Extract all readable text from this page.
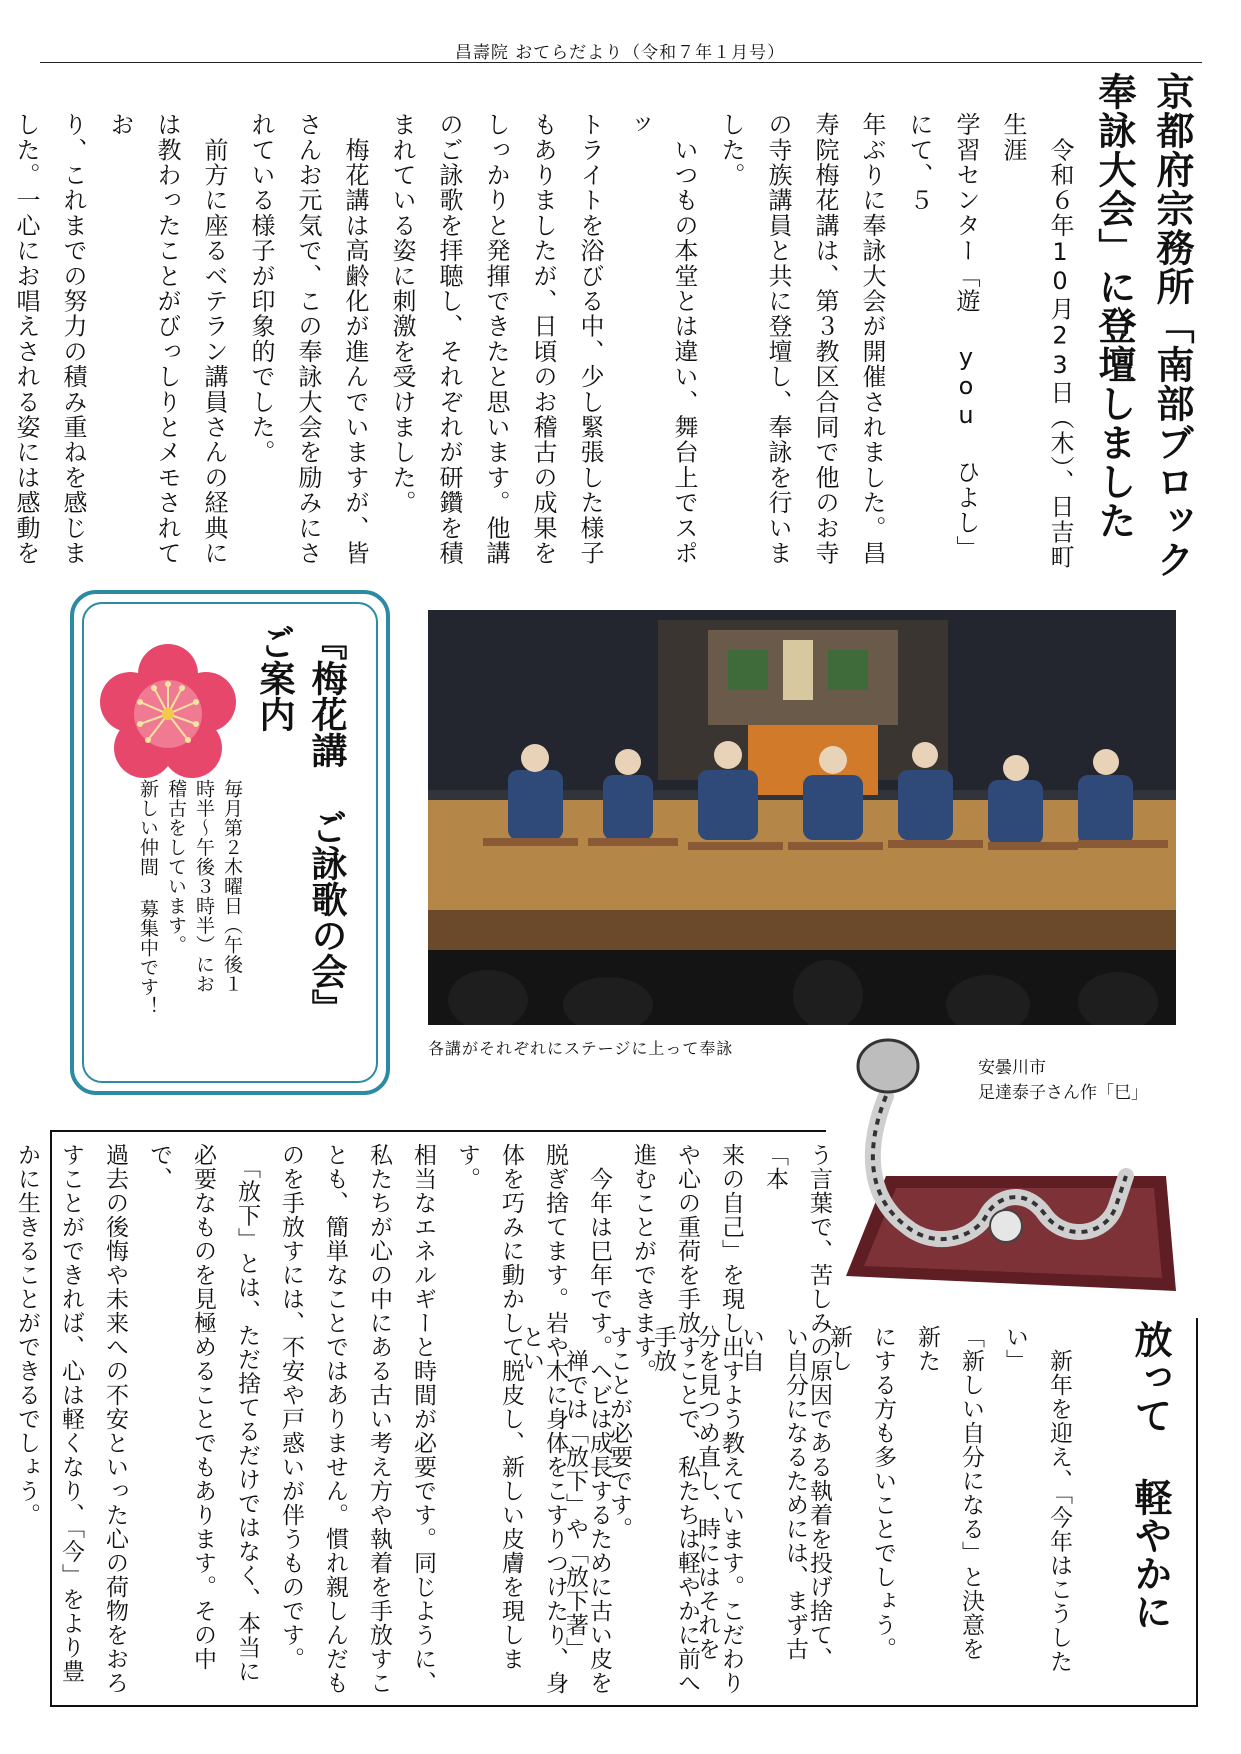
昌壽院 おてらだより（令和７年１月号）
京都府宗務所「南部ブロック
奉詠大会」に登壇しました
　令和６年10月23日（木）、日吉町生涯
学習センター「遊 you ひよし」にて、５
年ぶりに奉詠大会が開催されました。昌
寿院梅花講は、第３教区合同で他のお寺
の寺族講員と共に登壇し、奉詠を行いま
した。
　いつもの本堂とは違い、舞台上でスポッ
トライトを浴びる中、少し緊張した様子
もありましたが、日頃のお稽古の成果を
しっかりと発揮できたと思います。他講
のご詠歌を拝聴し、それぞれが研鑽を積
まれている姿に刺激を受けました。
　梅花講は高齢化が進んでいますが、皆
さんお元気で、この奉詠大会を励みにさ
れている様子が印象的でした。
　前方に座るベテラン講員さんの経典に
は教わったことがびっしりとメモされてお
り、これまでの努力の積み重ねを感じま
した。一心にお唱えされる姿には感動を

各講がそれぞれにステージに上って奉詠
『梅花講 ご詠歌の会』
ご案内
毎月第２木曜日（午後１
時半～午後３時半）にお
稽古をしています。
新しい仲間 募集中です！
安曇川市
足達泰子さん作「巳」
放って 軽やかに
　新年を迎え、「今年はこうしたい」
「新しい自分になる」と決意を新た
にする方も多いことでしょう。新し
い自分になるためには、まず古い自
分を見つめ直し、時にはそれを手放
すことが必要です。
　禅では「放下」や「放下著」とい	う言葉で、苦しみの原因である執着を投げ捨て、「本
来の自己」を現し出すよう教えています。こだわり
や心の重荷を手放すことで、私たちは軽やかに前へ
進むことができます。
　今年は巳年です。ヘビは成長するために古い皮を
脱ぎ捨てます。岩や木に身体をこすりつけたり、身
体を巧みに動かして脱皮し、新しい皮膚を現します。
相当なエネルギーと時間が必要です。同じように、
私たちが心の中にある古い考え方や執着を手放すこ
とも、簡単なことではありません。慣れ親しんだも
のを手放すには、不安や戸惑いが伴うものです。
　「放下」とは、ただ捨てるだけではなく、本当に
必要なものを見極めることでもあります。その中で、
過去の後悔や未来への不安といった心の荷物をおろ
すことができれば、心は軽くなり、「今」をより豊
かに生きることができるでしょう。
